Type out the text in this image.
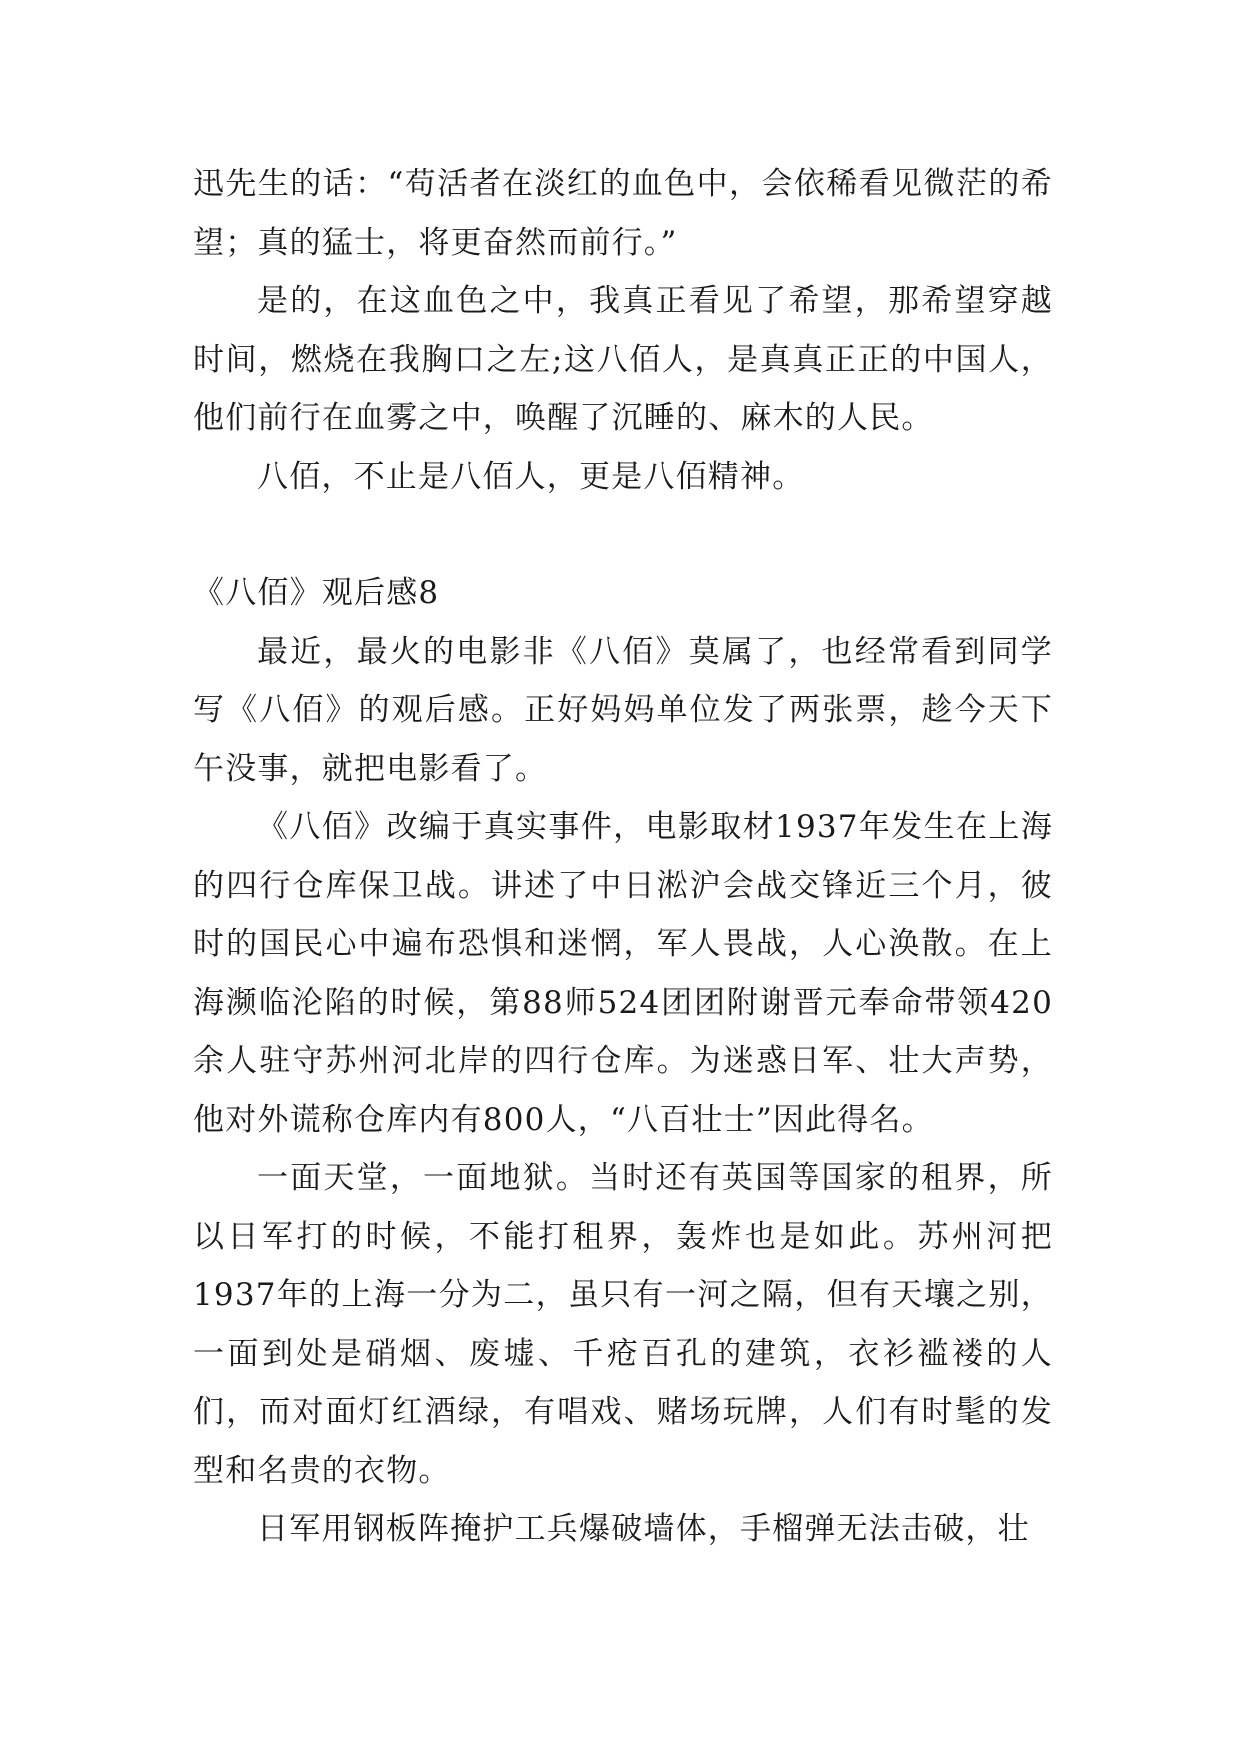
迅先生的话：“苟活者在淡红的血色中，会依稀看见微茫的希望；真的猛士，将更奋然而前行。”

是的，在这血色之中，我真正看见了希望，那希望穿越时间，燃烧在我胸口之左;这八佰人，是真真正正的中国人，他们前行在血雾之中，唤醒了沉睡的、麻木的人民。

八佰，不止是八佰人，更是八佰精神。

《八佰》观后感8

最近，最火的电影非《八佰》莫属了，也经常看到同学写《八佰》的观后感。正好妈妈单位发了两张票，趁今天下午没事，就把电影看了。

《八佰》改编于真实事件，电影取材1937年发生在上海的四行仓库保卫战。讲述了中日淞沪会战交锋近三个月，彼时的国民心中遍布恐惧和迷惘，军人畏战，人心涣散。在上海濒临沦陷的时候，第88师524团团附谢晋元奉命带领420余人驻守苏州河北岸的四行仓库。为迷惑日军、壮大声势，他对外谎称仓库内有800人，“八百壮士”因此得名。

一面天堂，一面地狱。当时还有英国等国家的租界，所以日军打的时候，不能打租界，轰炸也是如此。苏州河把1937年的上海一分为二，虽只有一河之隔，但有天壤之别，一面到处是硝烟、废墟、千疮百孔的建筑，衣衫褴褛的人们，而对面灯红酒绿，有唱戏、赌场玩牌，人们有时髦的发型和名贵的衣物。

日军用钢板阵掩护工兵爆破墙体，手榴弹无法击破，壮
